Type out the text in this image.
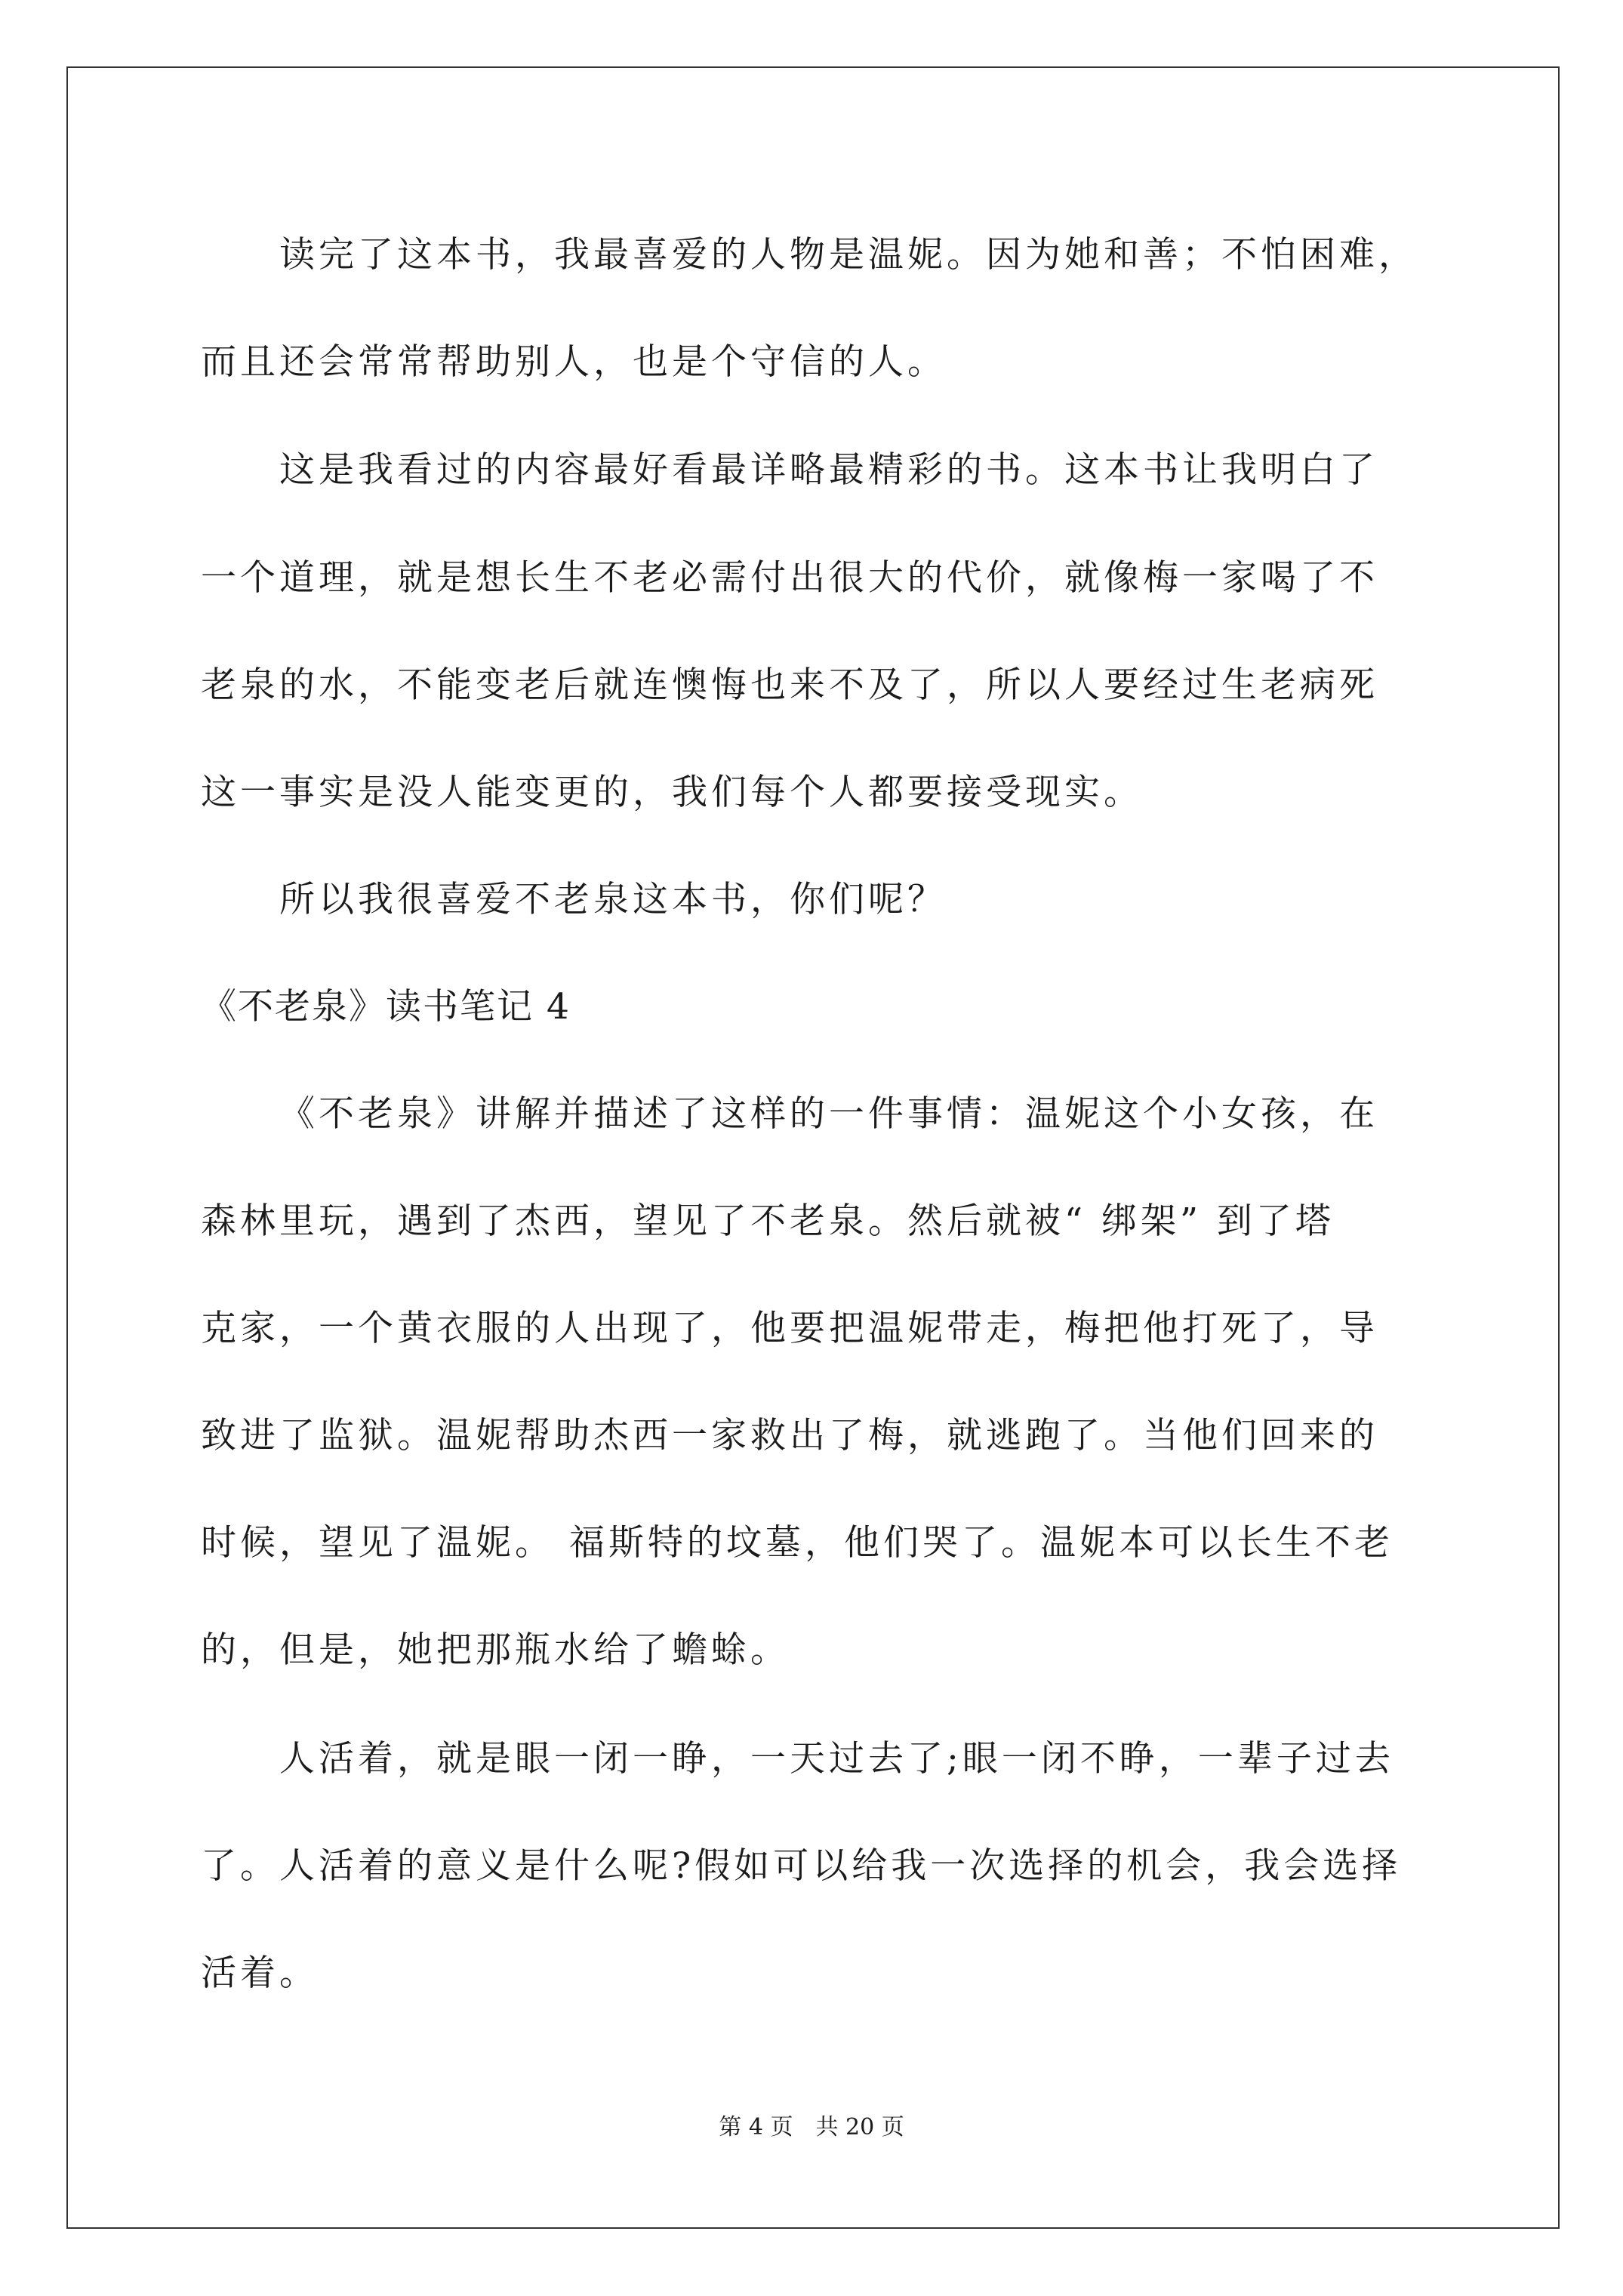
读完了这本书，我最喜爱的人物是温妮。因为她和善；不怕困难，
而且还会常常帮助别人，也是个守信的人。
这是我看过的内容最好看最详略最精彩的书。这本书让我明白了
一个道理，就是想长生不老必需付出很大的代价，就像梅一家喝了不
老泉的水，不能变老后就连懊悔也来不及了，所以人要经过生老病死
这一事实是没人能变更的，我们每个人都要接受现实。
所以我很喜爱不老泉这本书，你们呢？
《不老泉》读书笔记 4
《不老泉》讲解并描述了这样的一件事情：温妮这个小女孩，在
森林里玩，遇到了杰西，望见了不老泉。然后就被“ 绑架” 到了塔
克家，一个黄衣服的人出现了，他要把温妮带走，梅把他打死了，导
致进了监狱。温妮帮助杰西一家救出了梅，就逃跑了。当他们回来的
时候，望见了温妮。 福斯特的坟墓，他们哭了。温妮本可以长生不老
的，但是，她把那瓶水给了蟾蜍。
人活着，就是眼一闭一睁，一天过去了;眼一闭不睁，一辈子过去
了。人活着的意义是什么呢?假如可以给我一次选择的机会，我会选择
活着。
第 4 页　共 20 页
